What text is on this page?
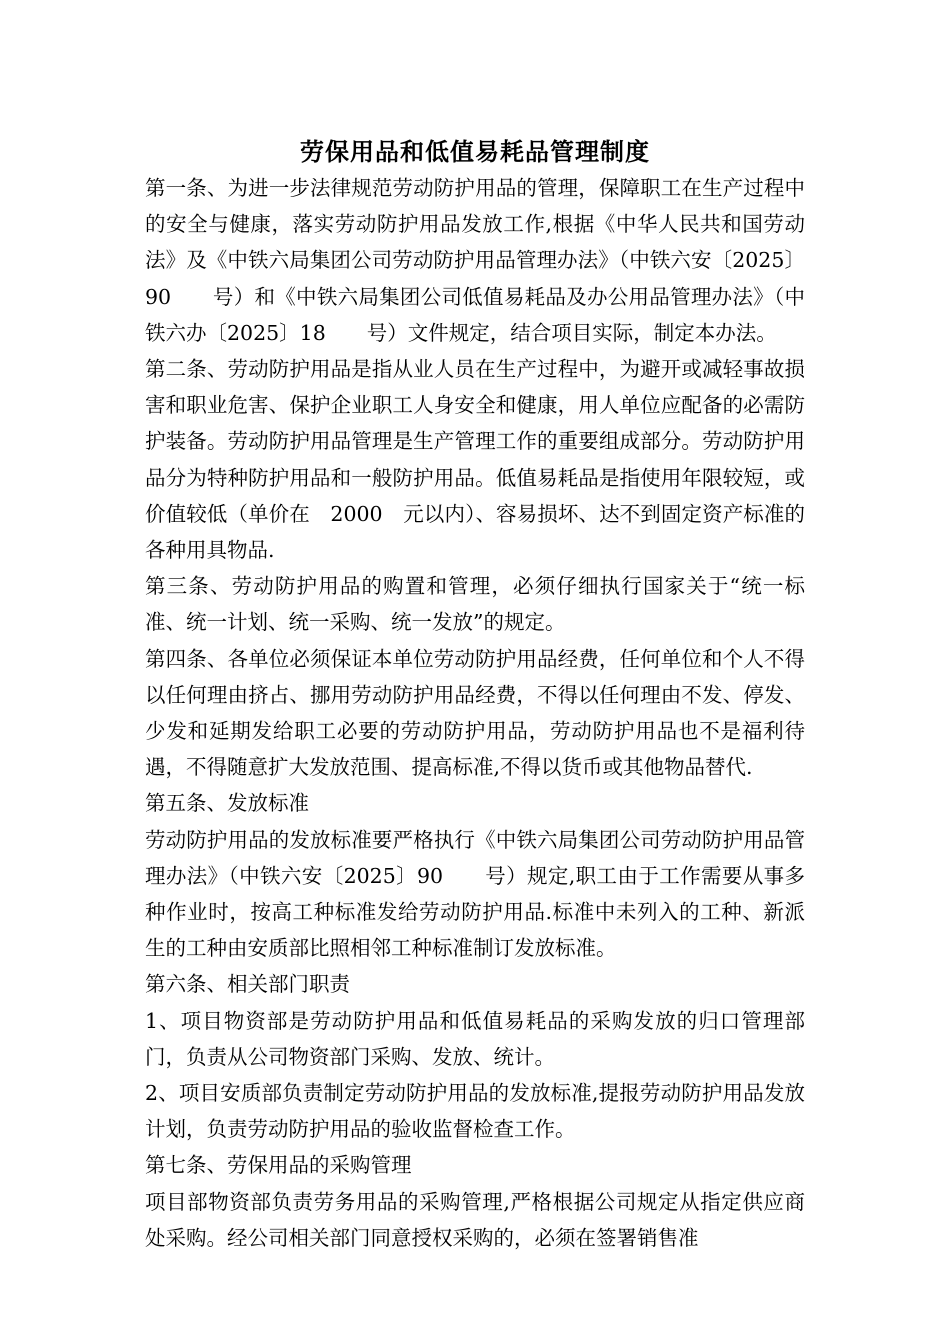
劳保用品和低值易耗品管理制度

第一条、为进一步法律规范劳动防护用品的管理，保障职工在生产过程中的安全与健康，落实劳动防护用品发放工作,根据《中华人民共和国劳动法》及《中铁六局集团公司劳动防护用品管理办法》（中铁六安〔2025〕90　　号）和《中铁六局集团公司低值易耗品及办公用品管理办法》（中铁六办〔2025〕18　　号）文件规定，结合项目实际，制定本办法。

第二条、劳动防护用品是指从业人员在生产过程中，为避开或减轻事故损害和职业危害、保护企业职工人身安全和健康，用人单位应配备的必需防护装备。劳动防护用品管理是生产管理工作的重要组成部分。劳动防护用品分为特种防护用品和一般防护用品。低值易耗品是指使用年限较短，或价值较低（单价在　2000　元以内）、容易损坏、达不到固定资产标准的各种用具物品.

第三条、劳动防护用品的购置和管理，必须仔细执行国家关于“统一标准、统一计划、统一采购、统一发放”的规定。

第四条、各单位必须保证本单位劳动防护用品经费，任何单位和个人不得以任何理由挤占、挪用劳动防护用品经费，不得以任何理由不发、停发、少发和延期发给职工必要的劳动防护用品，劳动防护用品也不是福利待遇，不得随意扩大发放范围、提高标准,不得以货币或其他物品替代.

第五条、发放标准

劳动防护用品的发放标准要严格执行《中铁六局集团公司劳动防护用品管理办法》（中铁六安〔2025〕90　　号）规定,职工由于工作需要从事多种作业时，按高工种标准发给劳动防护用品.标准中未列入的工种、新派生的工种由安质部比照相邻工种标准制订发放标准。

第六条、相关部门职责

1、项目物资部是劳动防护用品和低值易耗品的采购发放的归口管理部门，负责从公司物资部门采购、发放、统计。

2、项目安质部负责制定劳动防护用品的发放标准,提报劳动防护用品发放计划，负责劳动防护用品的验收监督检查工作。

第七条、劳保用品的采购管理

项目部物资部负责劳务用品的采购管理,严格根据公司规定从指定供应商处采购。经公司相关部门同意授权采购的，必须在签署销售准
